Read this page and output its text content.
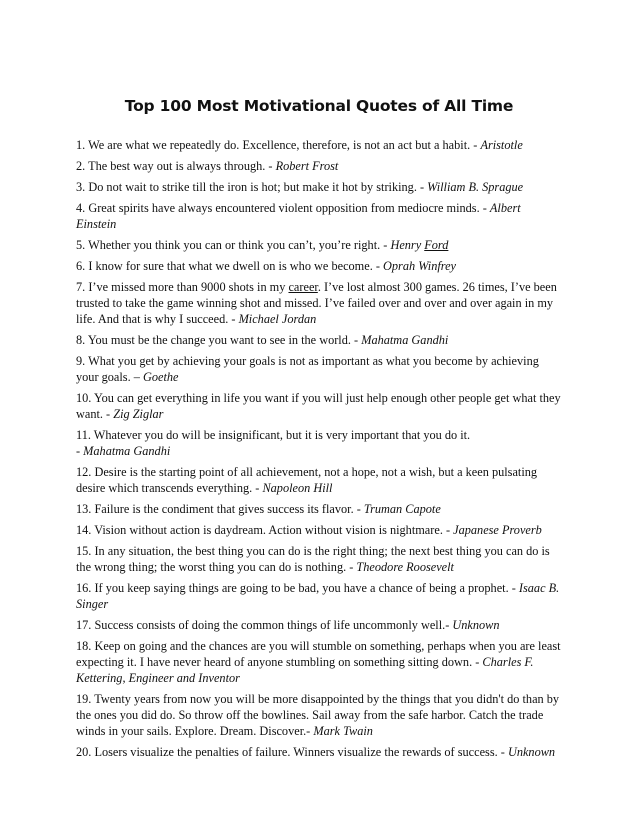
Top 100 Most Motivational Quotes of All Time

1. We are what we repeatedly do. Excellence, therefore, is not an act but a habit. - Aristotle

2. The best way out is always through. - Robert Frost

3. Do not wait to strike till the iron is hot; but make it hot by striking. - William B. Sprague

4. Great spirits have always encountered violent opposition from mediocre minds. - Albert Einstein

5. Whether you think you can or think you can’t, you’re right. - Henry Ford

6. I know for sure that what we dwell on is who we become. - Oprah Winfrey

7. I’ve missed more than 9000 shots in my career. I’ve lost almost 300 games. 26 times, I’ve been trusted to take the game winning shot and missed. I’ve failed over and over and over again in my life. And that is why I succeed. - Michael Jordan

8. You must be the change you want to see in the world. - Mahatma Gandhi

9. What you get by achieving your goals is not as important as what you become by achieving your goals. – Goethe

10. You can get everything in life you want if you will just help enough other people get what they want. - Zig Ziglar

11. Whatever you do will be insignificant, but it is very important that you do it.
- Mahatma Gandhi

12. Desire is the starting point of all achievement, not a hope, not a wish, but a keen pulsating desire which transcends everything. - Napoleon Hill

13. Failure is the condiment that gives success its flavor. - Truman Capote

14. Vision without action is daydream. Action without vision is nightmare. - Japanese Proverb

15. In any situation, the best thing you can do is the right thing; the next best thing you can do is the wrong thing; the worst thing you can do is nothing. - Theodore Roosevelt

16. If you keep saying things are going to be bad, you have a chance of being a prophet. - Isaac B. Singer

17. Success consists of doing the common things of life uncommonly well.- Unknown

18. Keep on going and the chances are you will stumble on something, perhaps when you are least expecting it. I have never heard of anyone stumbling on something sitting down. - Charles F. Kettering, Engineer and Inventor

19. Twenty years from now you will be more disappointed by the things that you didn't do than by the ones you did do. So throw off the bowlines. Sail away from the safe harbor. Catch the trade winds in your sails. Explore. Dream. Discover.- Mark Twain

20. Losers visualize the penalties of failure. Winners visualize the rewards of success. - Unknown
